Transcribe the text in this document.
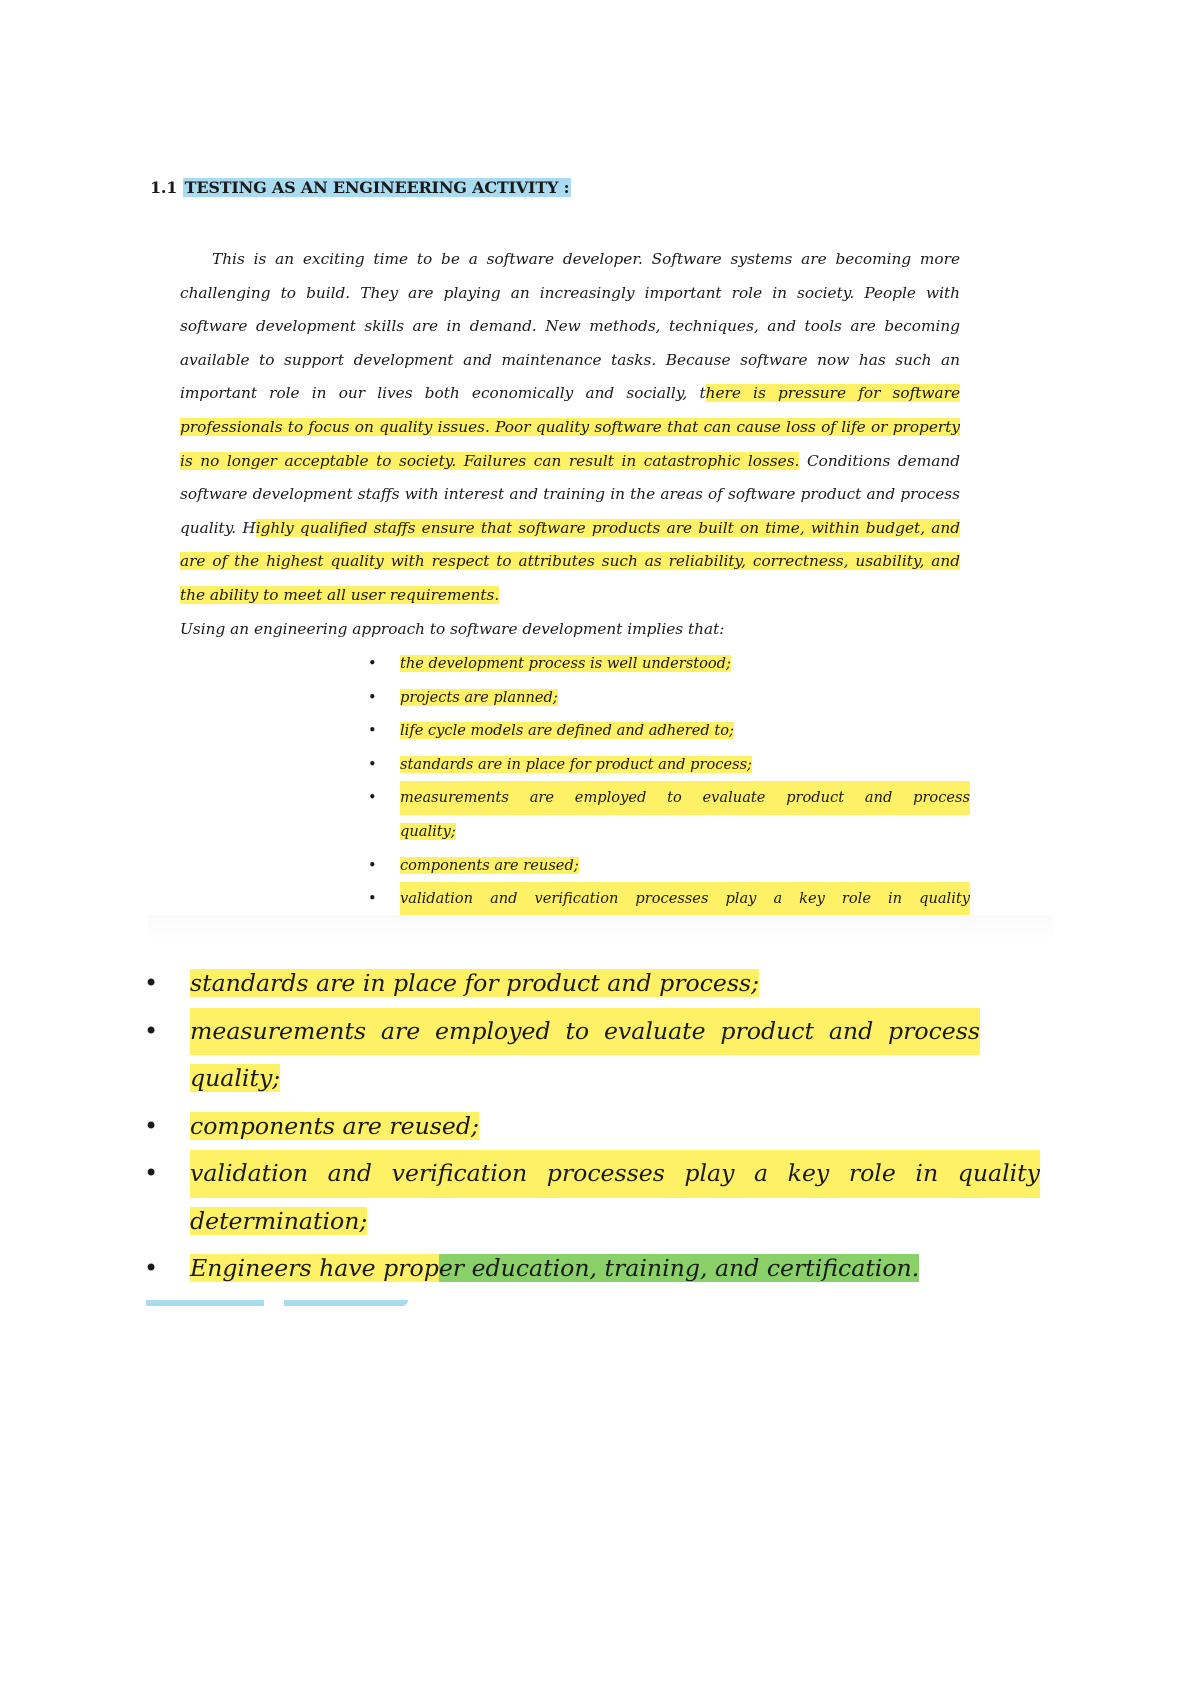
1.1 TESTING AS AN ENGINEERING ACTIVITY :
This is an exciting time to be a software developer. Software systems are becoming more challenging to build. They are playing an increasingly important role in society. People with software development skills are in demand. New methods, techniques, and tools are becoming available to support development and maintenance tasks. Because software now has such an important role in our lives both economically and socially, there is pressure for software professionals to focus on quality issues. Poor quality software that can cause loss of life or property is no longer acceptable to society. Failures can result in catastrophic losses. Conditions demand software development staffs with interest and training in the areas of software product and process quality. Highly qualified staffs ensure that software products are built on time, within budget, and are of the highest quality with respect to attributes such as reliability, correctness, usability, and the ability to meet all user requirements.
Using an engineering approach to software development implies that:
• the development process is well understood;
• projects are planned;
• life cycle models are defined and adhered to;
• standards are in place for product and process;
• measurements are employed to evaluate product and process
quality;
• components are reused;
• validation and verification processes play a key role in quality
• standards are in place for product and process;
• measurements are employed to evaluate product and process
quality;
• components are reused;
• validation and verification processes play a key role in quality
determination;
• Engineers have proper education, training, and certification.
